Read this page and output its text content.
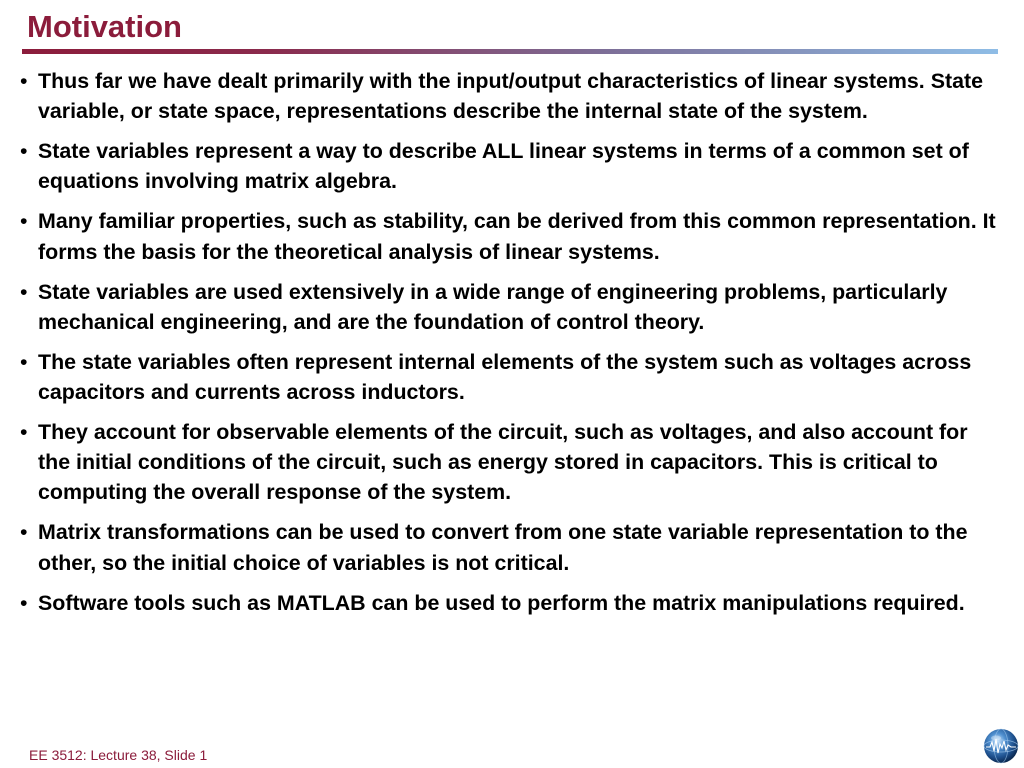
Motivation
• Thus far we have dealt primarily with the input/output characteristics of linear systems. State variable, or state space, representations describe the internal state of the system.
• State variables represent a way to describe ALL linear systems in terms of a common set of equations involving matrix algebra.
• Many familiar properties, such as stability, can be derived from this common representation. It forms the basis for the theoretical analysis of linear systems.
• State variables are used extensively in a wide range of engineering problems, particularly mechanical engineering, and are the foundation of control theory.
• The state variables often represent internal elements of the system such as voltages across capacitors and currents across inductors.
• They account for observable elements of the circuit, such as voltages, and also account for the initial conditions of the circuit, such as energy stored in capacitors. This is critical to computing the overall response of the system.
• Matrix transformations can be used to convert from one state variable representation to the other, so the initial choice of variables is not critical.
• Software tools such as MATLAB can be used to perform the matrix manipulations required.
EE 3512: Lecture 38, Slide 1
